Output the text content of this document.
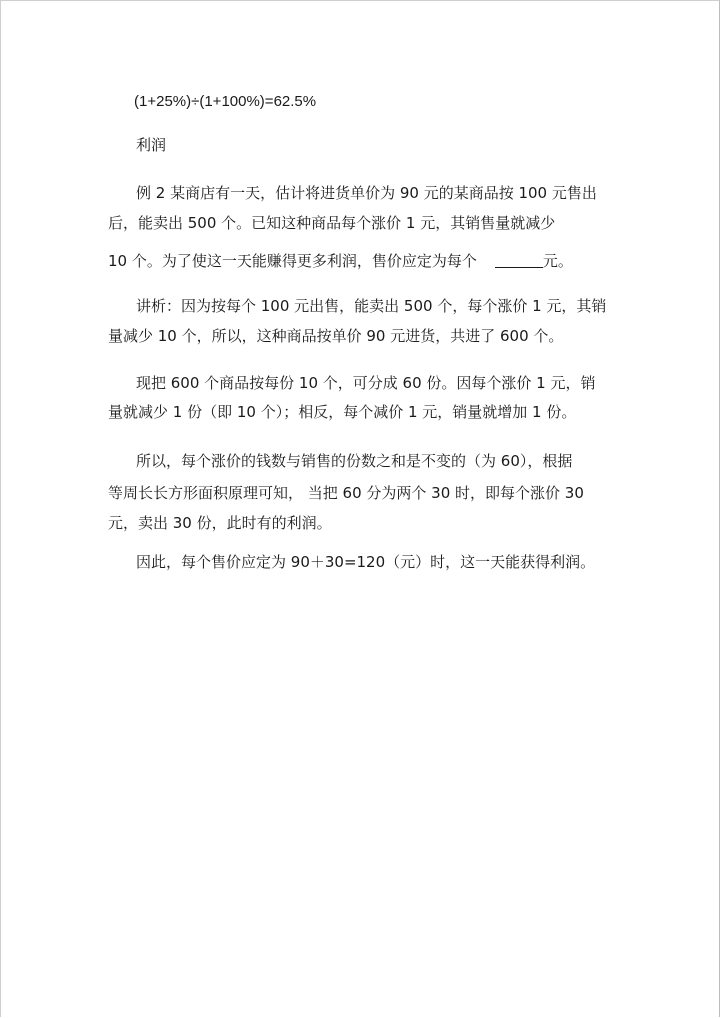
(1+25%)÷(1+100%)=62.5%
利润
例 2 某商店有一天，估计将进货单价为 90 元的某商品按 100 元售出
后，能卖出 500 个。已知这种商品每个涨价 1 元，其销售量就减少
10 个。为了使这一天能赚得更多利润，售价应定为每个	元。
讲析：因为按每个 100 元出售，能卖出 500 个，每个涨价 1 元，其销
量减少 10 个，所以，这种商品按单价 90 元进货，共进了 600 个。
现把 600 个商品按每份 10 个，可分成 60 份。因每个涨价 1 元，销
量就减少 1 份（即 10 个）；相反，每个减价 1 元，销量就增加 1 份。
所以，每个涨价的钱数与销售的份数之和是不变的（为 60），根据
等周长长方形面积原理可知， 当把 60 分为两个 30 时，即每个涨价 30
元，卖出 30 份，此时有的利润。
因此，每个售价应定为 90＋30=120（元）时，这一天能获得利润。
